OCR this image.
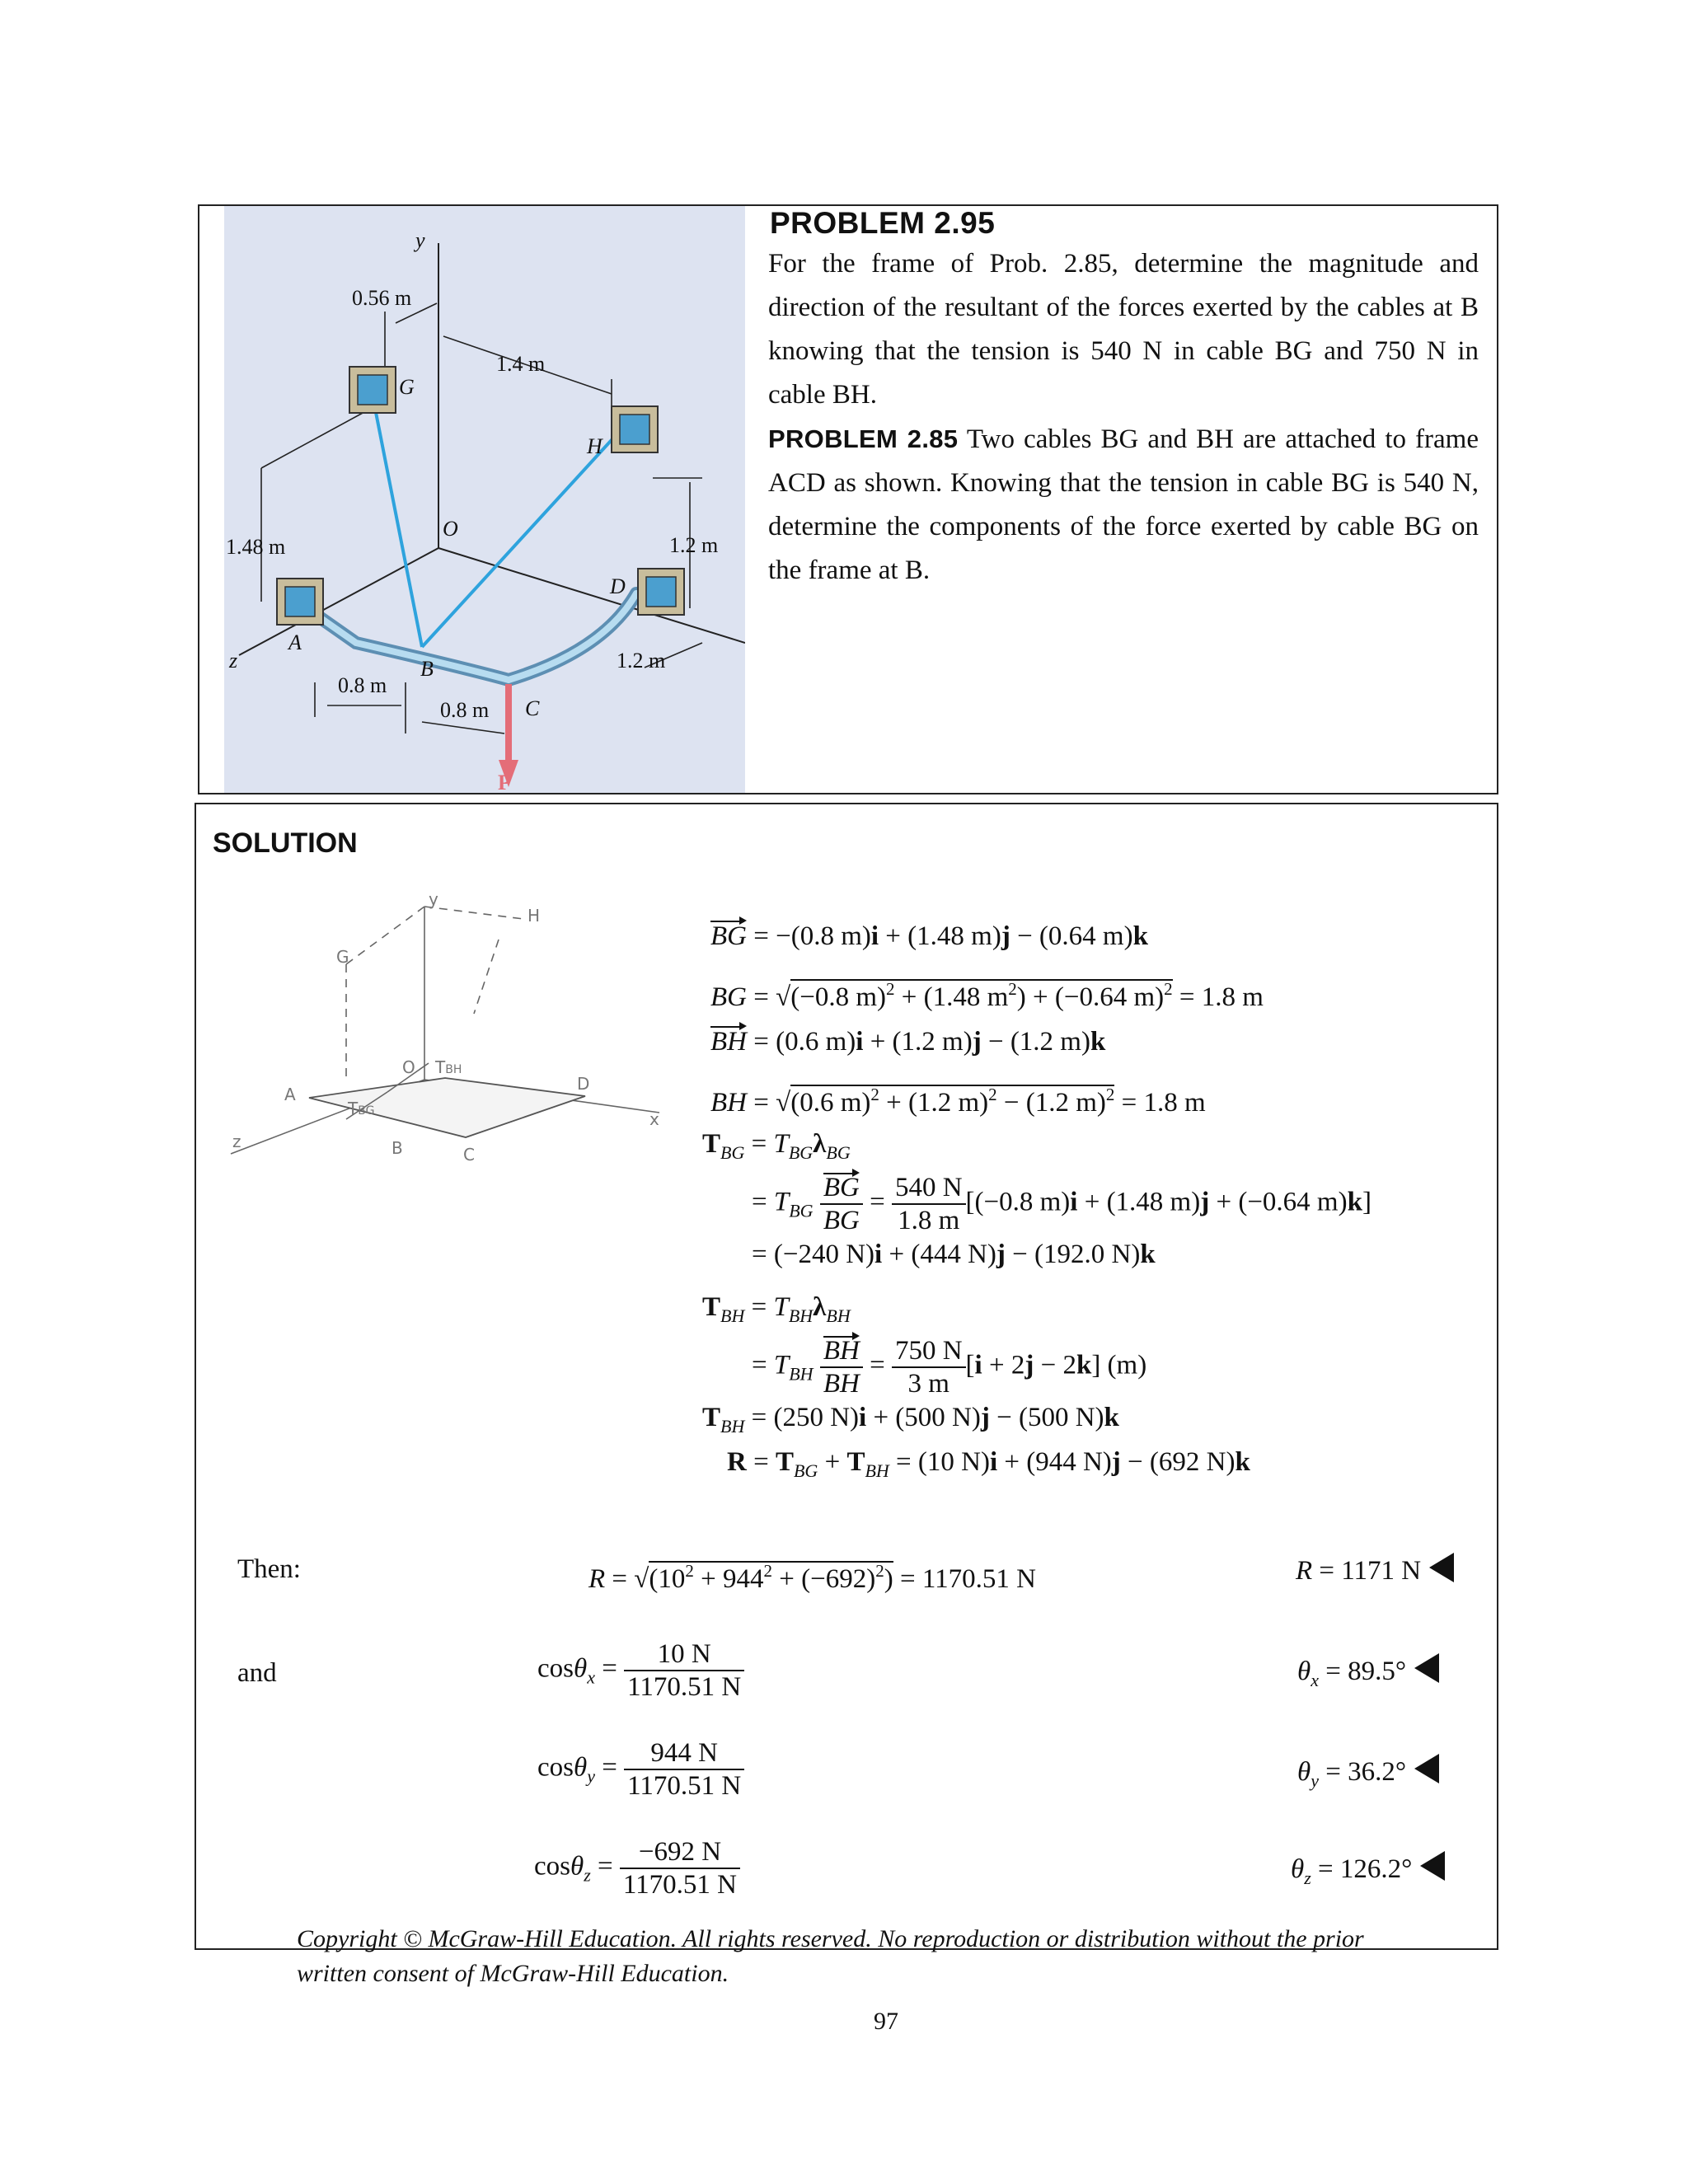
y
G
H
O
A
D
z	B
C
P
0.56 m
1.4 m
1.48 m	1.2 m
1.2 m
0.8 m
0.8 m
PROBLEM 2.95
For the frame of Prob. 2.85, determine the magnitude and direction of the resultant of the forces exerted by the cables at B knowing that the tension is 540 N in cable BG and 750 N in cable BH.
PROBLEM 2.85 Two cables BG and BH are attached to frame ACD as shown. Knowing that the tension in cable BG is 540 N, determine the components of the force exerted by cable BG on the frame at B.
SOLUTION
y
G
H
O
A
D
z	B	C
x
TBG
TBH
BG = −(0.8 m)i + (1.48 m)j − (0.64 m)k
BG = √(−0.8 m)$^2$ + (1.48 $m^2) + (-0.64$ m)$^2$ = 1.8 m
BH = (0.6 m)i + (1.2 m)j − (1.2 m)k
BH = √(0.6 m)$^2$ + (1.2 m)$^2$ − (1.2 m)$^2$ = 1.8 m
$T_{BG} = T_{BG}\lambda_{BG}$
= $T_{BG} \frac{BG}{BG} = \frac{540 N}{1.8 m} [(-0.8$ m)i + (1.48 m)j + (−0.64 m)k]
= (−240 N)i + (444 N)j − (192.0 N)k
$T_{BH} = T_{BH}\lambda_{BH}$
= $T_{BH} \frac{BH}{BH} = \frac{750 N}{3 m} [i + 2j - 2k]$ (m)
$T_{BH} = (250$ N)i + (500 N)j − (500 N)k
$R = T_{BG} + T_{BH} = (10$ N)i + (944 N)j − (692 N)k
Then:	$R = √(10^2 + 944^2 + (-692)^2) = 1170.51$ N	R = 1171 N
and	$\cos\theta_x = \frac{10 N}{1170.51 N}$	$\theta_x = 89.5^\circ$
$\cos\theta_y = \frac{944 N}{1170.51 N}$	$\theta_y = 36.2^\circ$
$\cos\theta_z = \frac{-692 N}{1170.51 N}$	$\theta_z = 126.2^\circ$
Copyright © McGraw-Hill Education. All rights reserved. No reproduction or distribution without the prior
written consent of McGraw-Hill Education.
97
